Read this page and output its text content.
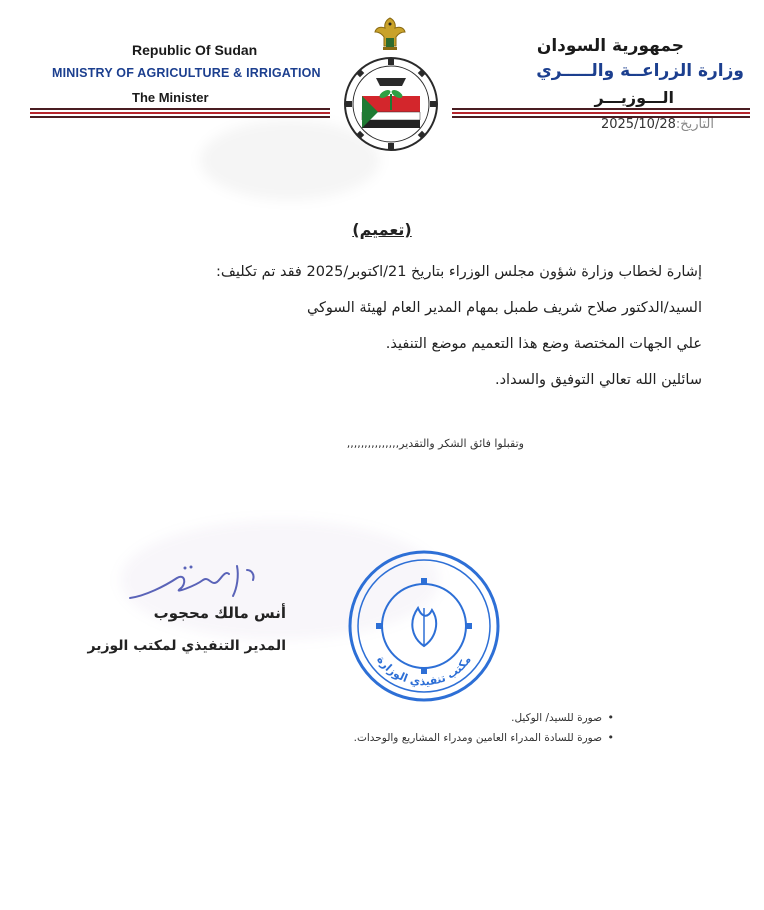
Republic Of Sudan
MINISTRY OF AGRICULTURE & IRRIGATION
The Minister
جمهورية السودان
وزارة الزراعــة والـــــري
الـــوزيـــر
التاريخ:2025/10/28
(تعميم)
إشارة لخطاب وزارة شؤون مجلس الوزراء بتاريخ 21/اكتوبر/2025 فقد تم تكليف:
السيد/الدكتور صلاح شريف طمبل بمهام المدير العام لهيئة السوكي
علي الجهات المختصة وضع هذا التعميم موضع التنفيذ.
سائلين الله تعالي التوفيق والسداد.
وتقبلوا فائق الشكر والتقدير,,,,,,,,,,,,,,,
أنس مالك محجوب
المدير التنفيذي لمكتب الوزير
مكتب تنفيذي الوزارة
• صورة للسيد/ الوكيل.
• صورة للسادة المدراء العامين ومدراء المشاريع والوحدات.
